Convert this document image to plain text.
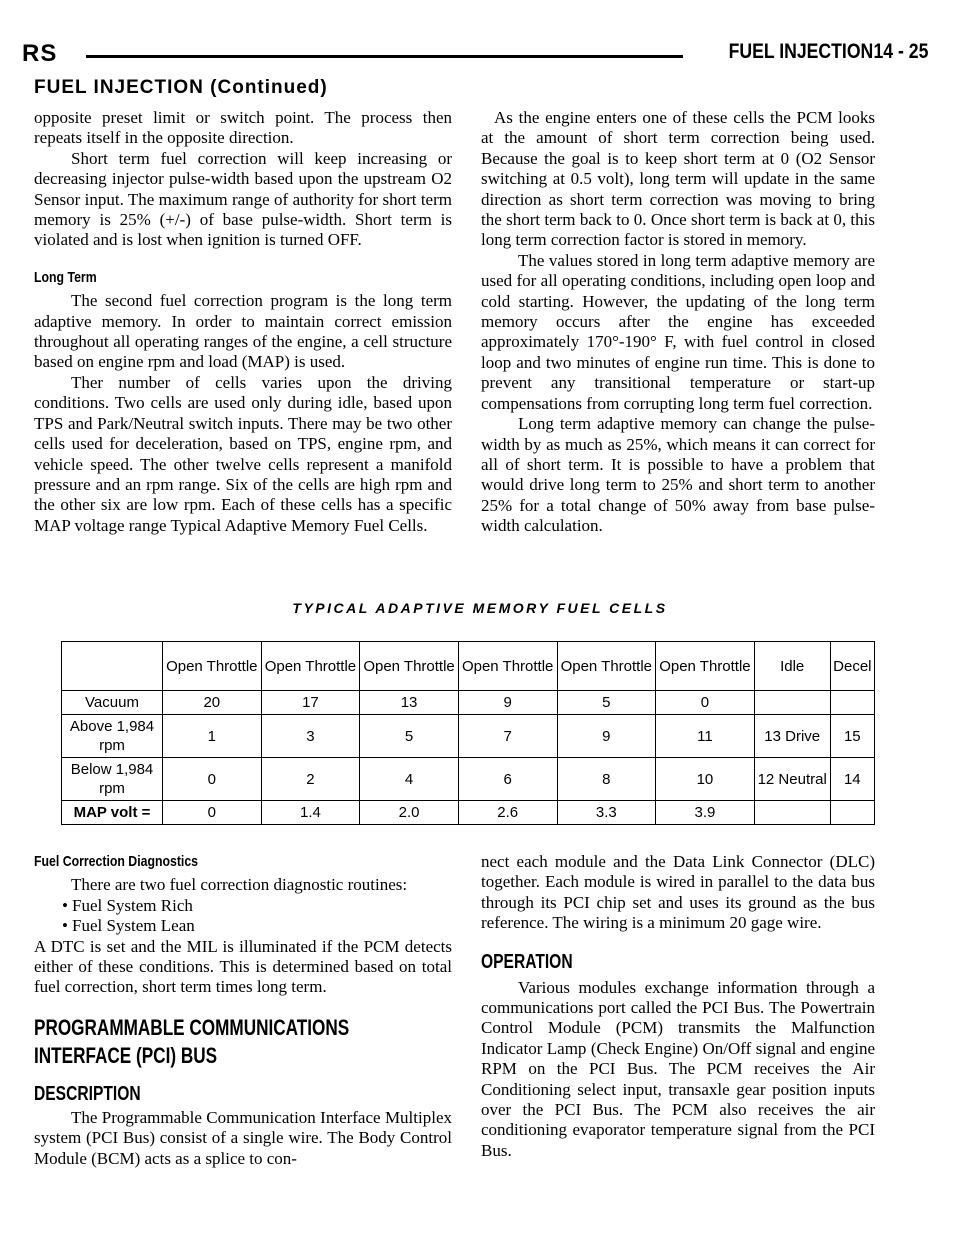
RS	FUEL INJECTION 14 - 25
FUEL INJECTION (Continued)

opposite preset limit or switch point. The process then repeats itself in the opposite direction.

Short term fuel correction will keep increasing or decreasing injector pulse-width based upon the upstream O2 Sensor input. The maximum range of authority for short term memory is 25% (+/-) of base pulse-width. Short term is violated and is lost when ignition is turned OFF.

Long Term

The second fuel correction program is the long term adaptive memory. In order to maintain correct emission throughout all operating ranges of the engine, a cell structure based on engine rpm and load (MAP) is used.

Ther number of cells varies upon the driving conditions. Two cells are used only during idle, based upon TPS and Park/Neutral switch inputs. There may be two other cells used for deceleration, based on TPS, engine rpm, and vehicle speed. The other twelve cells represent a manifold pressure and an rpm range. Six of the cells are high rpm and the other six are low rpm. Each of these cells has a specific MAP voltage range Typical Adaptive Memory Fuel Cells.

As the engine enters one of these cells the PCM looks at the amount of short term correction being used. Because the goal is to keep short term at 0 (O2 Sensor switching at 0.5 volt), long term will update in the same direction as short term correction was moving to bring the short term back to 0. Once short term is back at 0, this long term correction factor is stored in memory.

The values stored in long term adaptive memory are used for all operating conditions, including open loop and cold starting. However, the updating of the long term memory occurs after the engine has exceeded approximately 170°-190° F, with fuel control in closed loop and two minutes of engine run time. This is done to prevent any transitional temperature or start-up compensations from corrupting long term fuel correction.

Long term adaptive memory can change the pulse-width by as much as 25%, which means it can correct for all of short term. It is possible to have a problem that would drive long term to 25% and short term to another 25% for a total change of 50% away from base pulse-width calculation.

TYPICAL ADAPTIVE MEMORY FUEL CELLS
	Open Throttle	Open Throttle	Open Throttle	Open Throttle	Open Throttle	Open Throttle	Idle	Decel
Vacuum	20	17	13	9	5	0		
Above 1,984 rpm	1	3	5	7	9	11	13 Drive	15
Below 1,984 rpm	0	2	4	6	8	10	12 Neutral	14
MAP volt =	0	1.4	2.0	2.6	3.3	3.9		

Fuel Correction Diagnostics

There are two fuel correction diagnostic routines:

• Fuel System Rich

• Fuel System Lean

A DTC is set and the MIL is illuminated if the PCM detects either of these conditions. This is determined based on total fuel correction, short term times long term.

PROGRAMMABLE COMMUNICATIONS

INTERFACE (PCI) BUS

DESCRIPTION

The Programmable Communication Interface Multiplex system (PCI Bus) consist of a single wire. The Body Control Module (BCM) acts as a splice to con-

nect each module and the Data Link Connector (DLC) together. Each module is wired in parallel to the data bus through its PCI chip set and uses its ground as the bus reference. The wiring is a minimum 20 gage wire.

OPERATION

Various modules exchange information through a communications port called the PCI Bus. The Powertrain Control Module (PCM) transmits the Malfunction Indicator Lamp (Check Engine) On/Off signal and engine RPM on the PCI Bus. The PCM receives the Air Conditioning select input, transaxle gear position inputs over the PCI Bus. The PCM also receives the air conditioning evaporator temperature signal from the PCI Bus.
